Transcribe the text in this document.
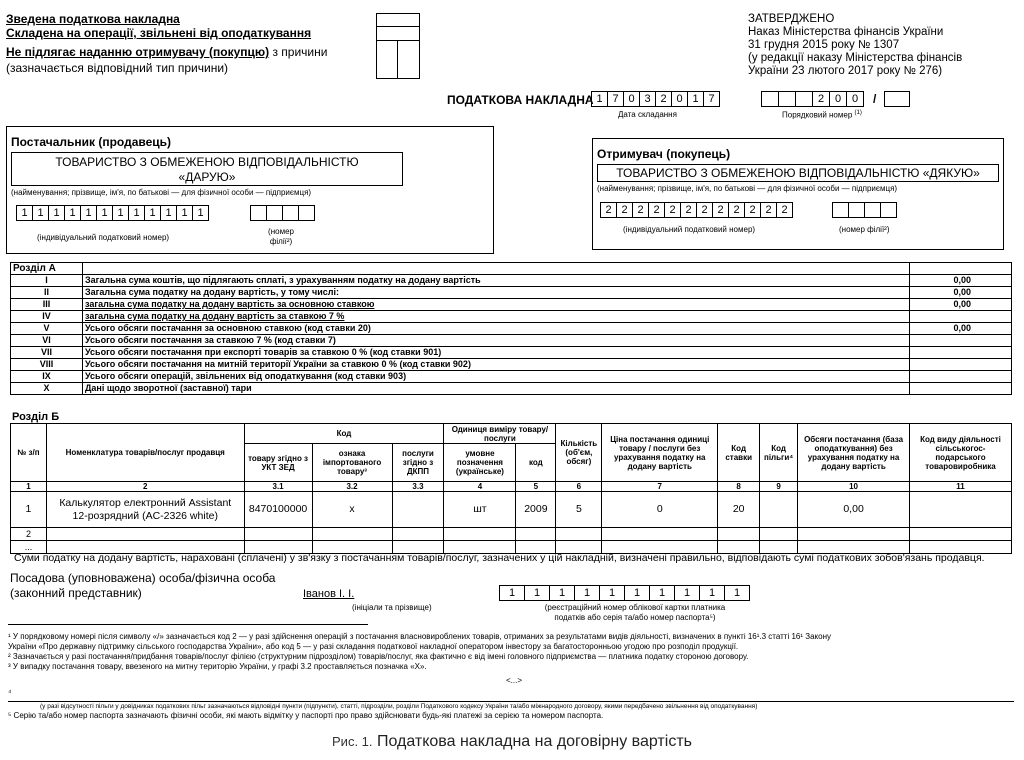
Зведена податкова накладна
Складена на операції, звільнені від оподаткування
Не підлягає наданню отримувачу (покупцю) з причини
(зазначається відповідний тип причини)
ЗАТВЕРДЖЕНО
Наказ Міністерства фінансів України
31 грудня 2015 року № 1307
(у редакції наказу Міністерства фінансів
України 23 лютого 2017 року № 276)
ПОДАТКОВА НАКЛАДНА 1 7 0 3 2 0 1 7
Дата складання
2 0 0	/
Порядковий номер $^{(1)}$
Постачальник (продавець)
ТОВАРИСТВО З ОБМЕЖЕНОЮ ВІДПОВІДАЛЬНІСТЮ
«ДАРУЮ»
(найменування; прізвище, ім'я, по батькові — для фізичної особи — підприємця)
1 1 1 1 1 1 1 1 1 1 1 1
(індивідуальний податковий номер)
(номер
філії²)
Отримувач (покупець)
ТОВАРИСТВО З ОБМЕЖЕНОЮ ВІДПОВІДАЛЬНІСТЮ «ДЯКУЮ»
(найменування; прізвище, ім'я, по батькові — для фізичної особи — підприємця)
2 2 2 2 2 2 2 2 2 2 2 2
(індивідуальний податковий номер)	(номер філії²)
Розділ А		
I	Загальна сума коштів, що підлягають сплаті, з урахуванням податку на додану вартість	0,00
II	Загальна сума податку на додану вартість, у тому числі:	0,00
III	загальна сума податку на додану вартість за основною ставкою	0,00
IV	загальна сума податку на додану вартість за ставкою 7 %	
V	Усього обсяги постачання за основною ставкою (код ставки 20)	0,00
VI	Усього обсяги постачання за ставкою 7 % (код ставки 7)	
VII	Усього обсяги постачання при експорті товарів за ставкою 0 % (код ставки 901)	
VIII	Усього обсяги постачання на митній території України за ставкою 0 % (код ставки 902)	
IX	Усього обсяги операцій, звільнених від оподаткування (код ставки 903)	
X	Дані щодо зворотної (заставної) тари	
Розділ Б
№ з/п	Номенклатура товарів/послуг продавця	Код			Одиниця виміру товару/послуги		Кількість (об'єм, обсяг)	Ціна постачання одиниці товару / послуги без урахування податку на додану вартість	Код ставки	Код пільги⁴	Обсяги постачання (база оподаткування) без урахування податку на додану вартість	Код виду діяльності сільськогос-подарського товаровиробника
		товару згідно з УКТ ЗЕД	ознака імпортованого товару³	послуги згідно з ДКПП	умовне позначення (українське)	код						
1	2	3.1	3.2	3.3	4	5	6	7	8	9	10	11
1	Калькулятор електронний Assistant
12-розрядний (AC-2326 white)	8470100000	х		шт	2009	5	0	20		0,00	
2												
...												
Суми податку на додану вартість, нараховані (сплачені) у зв'язку з постачанням товарів/послуг, зазначених у цій накладній, визначені правильно, відповідають сумі податкових зобов'язань продавця.
Посадова (уповноважена) особа/фізична особа
(законний представник)	Іванов І. І.
(ініціали та прізвище)
1	1	1	1	1	1	1	1	1	1
(реєстраційний номер облікової картки платника
податків або серія та/або номер паспорта⁵)
¹ У порядковому номері після символу «/» зазначається код 2 — у разі здійснення операцій з постачання власновироблених товарів, отриманих за результатами видів діяльності, визначених в пункті 16¹.3 статті 16¹ Закону
України «Про державну підтримку сільського господарства України», або код 5 — у разі складання податкової накладної оператором інвестору за багатосторонньою угодою про розподіл продукції.
² Зазначається у разі постачання/придбання товарів/послуг філією (структурним підрозділом) товарів/послуг, яка фактично є від імені головного підприємства — платника податку стороною договору.
³ У випадку постачання товару, ввезеного на митну територію України, у графі 3.2 проставляється позначка «Х».
<...>
⁴
(у разі відсутності пільги у довідниках податкових пільг зазначаються відповідні пункти (підпункти), статті, підрозділи, розділи Податкового кодексу України та/або міжнародного договору, якими передбачено звільнення від оподаткування)
⁵ Серію та/або номер паспорта зазначають фізичні особи, які мають відмітку у паспорті про право здійснювати будь-які платежі за серією та номером паспорта.
Рис. 1. Податкова накладна на договірну вартість
